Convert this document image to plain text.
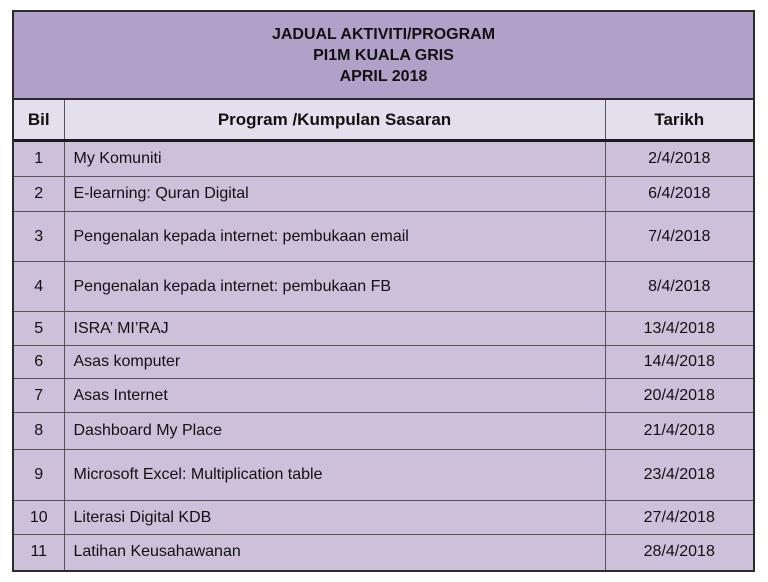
JADUAL AKTIVITI/PROGRAM
PI1M KUALA GRIS
APRIL 2018		

Bil	Program /Kumpulan Sasaran	Tarikh
1	My Komuniti	2/4/2018
2	E-learning: Quran Digital	6/4/2018
3	Pengenalan kepada internet: pembukaan email	7/4/2018
4	Pengenalan kepada internet: pembukaan FB	8/4/2018
5	ISRA’ MI’RAJ	13/4/2018
6	Asas komputer	14/4/2018
7	Asas Internet	20/4/2018
8	Dashboard My Place	21/4/2018
9	Microsoft Excel: Multiplication table	23/4/2018
10	Literasi Digital KDB	27/4/2018
11	Latihan Keusahawanan	28/4/2018
